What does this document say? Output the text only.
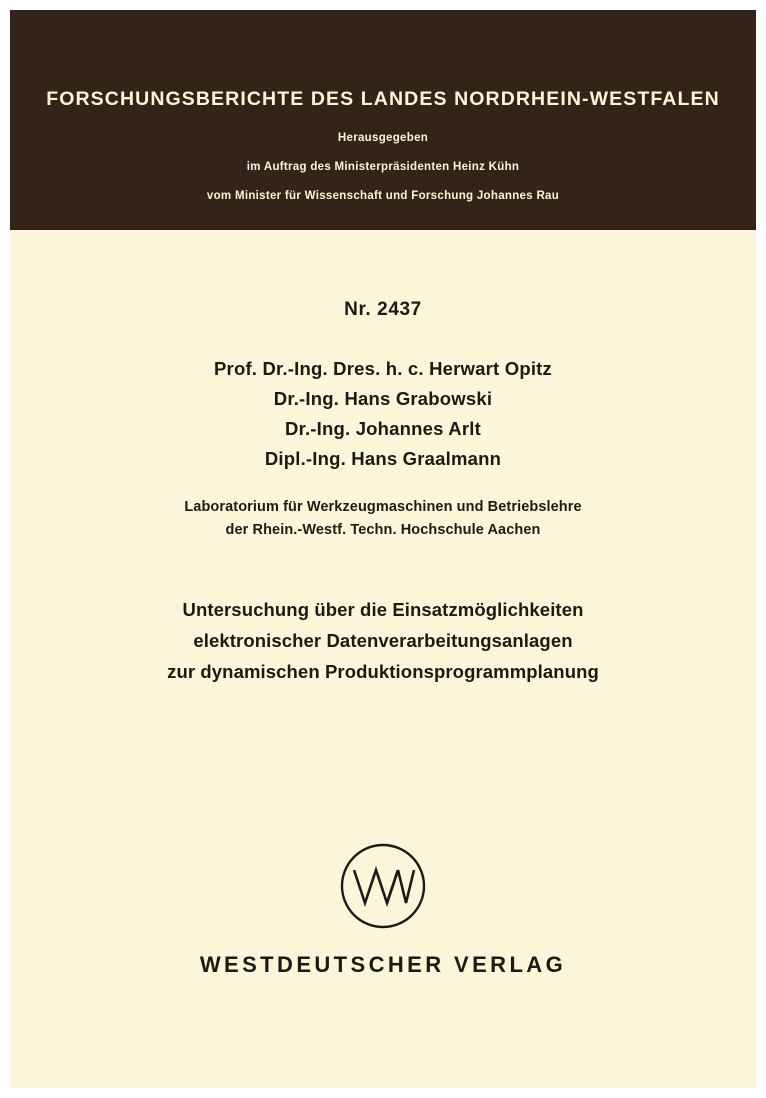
FORSCHUNGSBERICHTE DES LANDES NORDRHEIN-WESTFALEN
Herausgegeben
im Auftrag des Ministerpräsidenten Heinz Kühn
vom Minister für Wissenschaft und Forschung Johannes Rau
Nr. 2437
Prof. Dr.-Ing. Dres. h. c. Herwart Opitz
Dr.-Ing. Hans Grabowski
Dr.-Ing. Johannes Arlt
Dipl.-Ing. Hans Graalmann
Laboratorium für Werkzeugmaschinen und Betriebslehre
der Rhein.-Westf. Techn. Hochschule Aachen
Untersuchung über die Einsatzmöglichkeiten
elektronischer Datenverarbeitungsanlagen
zur dynamischen Produktionsprogrammplanung
WESTDEUTSCHER VERLAG
